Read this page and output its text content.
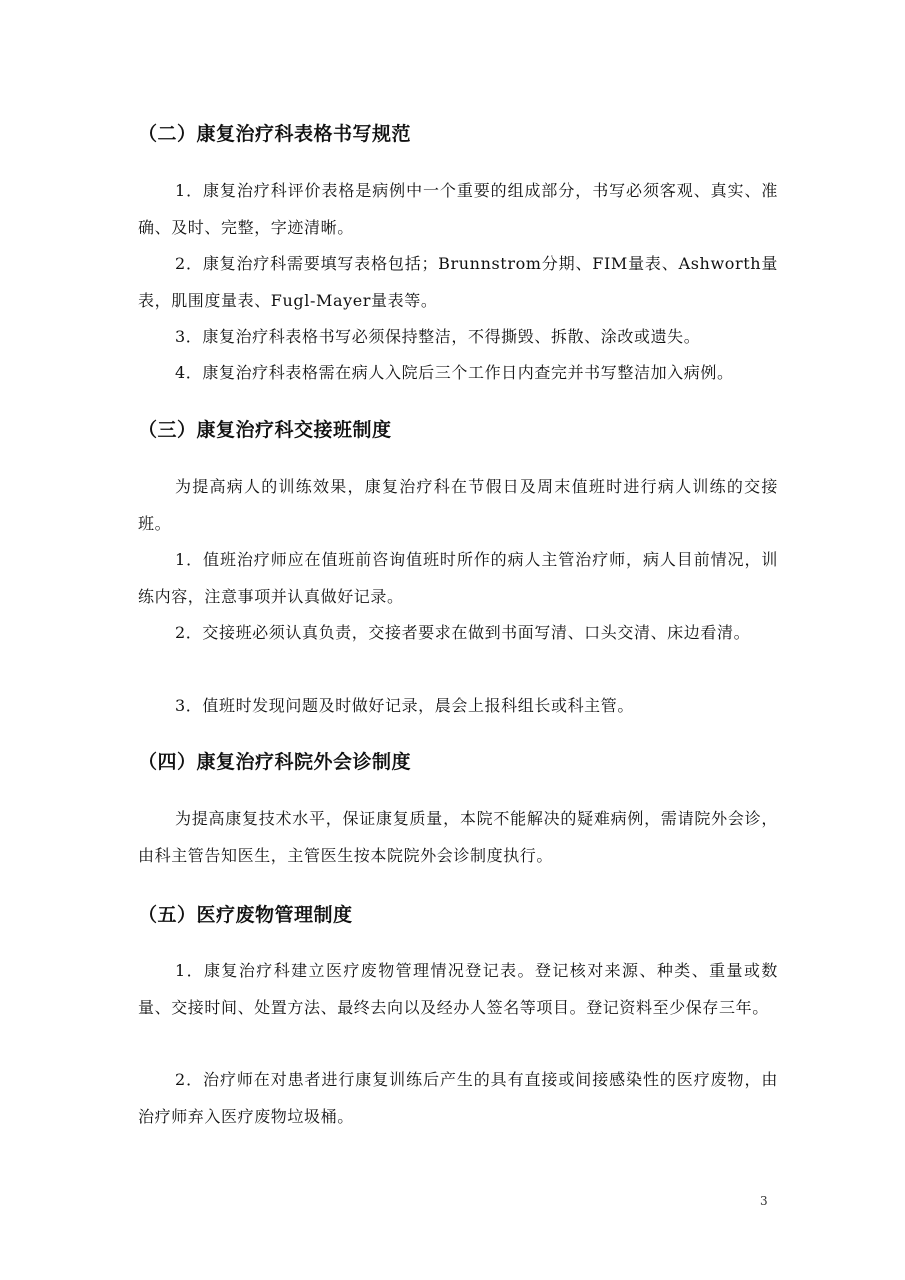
（二）康复治疗科表格书写规范
1．康复治疗科评价表格是病例中一个重要的组成部分，书写必须客观、真实、准确、及时、完整，字迹清晰。
2．康复治疗科需要填写表格包括；Brunnstrom分期、FIM量表、Ashworth量表，肌围度量表、Fugl-Mayer量表等。
3．康复治疗科表格书写必须保持整洁，不得撕毁、拆散、涂改或遗失。
4．康复治疗科表格需在病人入院后三个工作日内查完并书写整洁加入病例。
（三）康复治疗科交接班制度
为提高病人的训练效果，康复治疗科在节假日及周末值班时进行病人训练的交接班。
1．值班治疗师应在值班前咨询值班时所作的病人主管治疗师，病人目前情况，训练内容，注意事项并认真做好记录。
2．交接班必须认真负责，交接者要求在做到书面写清、口头交清、床边看清。
3．值班时发现问题及时做好记录，晨会上报科组长或科主管。
（四）康复治疗科院外会诊制度
为提高康复技术水平，保证康复质量，本院不能解决的疑难病例，需请院外会诊，由科主管告知医生，主管医生按本院院外会诊制度执行。
（五）医疗废物管理制度
1．康复治疗科建立医疗废物管理情况登记表。登记核对来源、种类、重量或数量、交接时间、处置方法、最终去向以及经办人签名等项目。登记资料至少保存三年。
2．治疗师在对患者进行康复训练后产生的具有直接或间接感染性的医疗废物，由治疗师弃入医疗废物垃圾桶。
3
